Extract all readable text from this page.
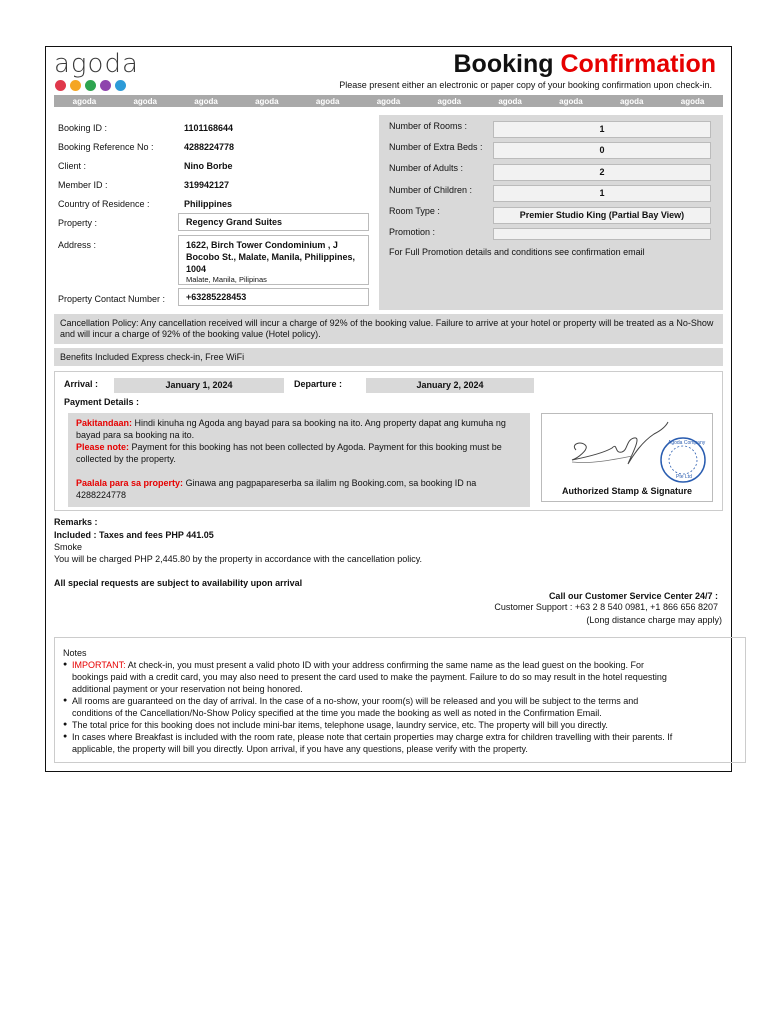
agoda	Booking Confirmation
Please present either an electronic or paper copy of your booking confirmation upon check-in.
agoda	agoda	agoda	agoda	agoda	agoda	agoda	agoda	agoda	agoda	agoda
Booking ID :	1101168644
Booking Reference No :	4288224778
Client :	Nino Borbe
Member ID :	319942127
Country of Residence :	Philippines
Property :	Regency Grand Suites
Address :	1622, Birch Tower Condominium , J Bocobo St., Malate, Manila, Philippines, 1004
Malate, Manila, Pilipinas
Property Contact Number :	+63285228453
Number of Rooms :	1
Number of Extra Beds :	0
Number of Adults :	2
Number of Children :	1
Room Type :	Premier Studio King (Partial Bay View)
Promotion :
For Full Promotion details and conditions see confirmation email
Cancellation Policy: Any cancellation received will incur a charge of 92% of the booking value. Failure to arrive at your hotel or property will be treated as a No-Show and will incur a charge of 92% of the booking value (Hotel policy).
Benefits Included Express check-in, Free WiFi
Arrival :	January 1, 2024	Departure :	January 2, 2024
Payment Details :
Pakitandaan: Hindi kinuha ng Agoda ang bayad para sa booking na ito. Ang property dapat ang kumuha ng bayad para sa booking na ito.
Please note: Payment for this booking has not been collected by Agoda. Payment for this booking must be collected by the property.
Paalala para sa property: Ginawa ang pagpapareserba sa ilalim ng Booking.com, sa booking ID na 4288224778
Agoda Company
Pte Ltd
Authorized Stamp & Signature
Remarks :
Included : Taxes and fees PHP 441.05
Smoke
You will be charged PHP 2,445.80 by the property in accordance with the cancellation policy.
All special requests are subject to availability upon arrival
Call our Customer Service Center 24/7 :
Customer Support : +63 2 8 540 0981, +1 866 656 8207
(Long distance charge may apply)
Notes
● IMPORTANT: At check-in, you must present a valid photo ID with your address confirming the same name as the lead guest on the booking. For bookings paid with a credit card, you may also need to present the card used to make the payment. Failure to do so may result in the hotel requesting additional payment or your reservation not being honored.
● All rooms are guaranteed on the day of arrival. In the case of a no-show, your room(s) will be released and you will be subject to the terms and conditions of the Cancellation/No-Show Policy specified at the time you made the booking as well as noted in the Confirmation Email.
● The total price for this booking does not include mini-bar items, telephone usage, laundry service, etc. The property will bill you directly.
● In cases where Breakfast is included with the room rate, please note that certain properties may charge extra for children travelling with their parents. If applicable, the property will bill you directly. Upon arrival, if you have any questions, please verify with the property.
